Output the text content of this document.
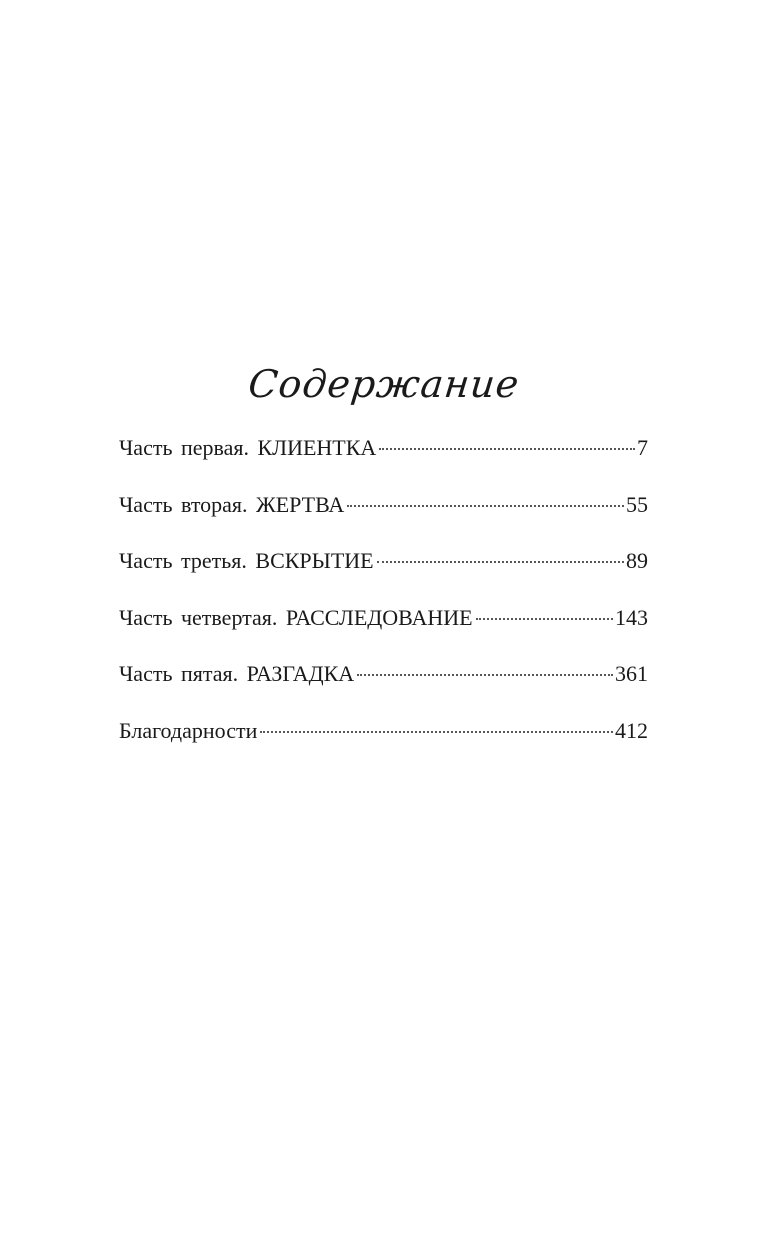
Содержание
Часть первая. КЛИЕНТКА	7
Часть вторая. ЖЕРТВА	55
Часть третья. ВСКРЫТИЕ	89
Часть четвертая. РАССЛЕДОВАНИЕ	143
Часть пятая. РАЗГАДКА	361
Благодарности	412
